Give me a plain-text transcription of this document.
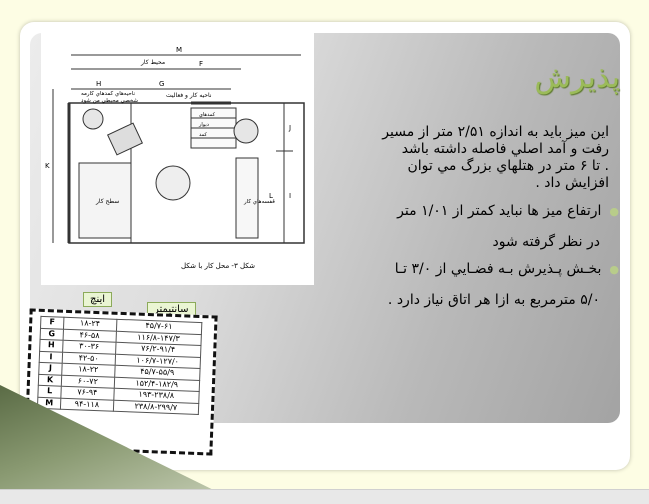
پذيرش
اين ميز بايد به اندازه ۲/۵۱ متر از مسير
رفت و آمد اصلي فاصله داشته باشد
. تا ۶ متر در هتلهاي بزرگ مي توان
افزايش داد .
●ارتفاع ميز ها نبايد كمتر از ۱/۰۱ متر
در نظر گرفته شود
●بخـش پـذيرش بـه فضـايي از ۳/۰ تـا
۵/۰ مترمربع به ازا هر اتاق نياز دارد .
M
F
H	G
I
J
K
L
محيط كار
ناحيه كار و فعاليت
ناحيه‌هاي كمدهاي كارمه
شخصي محيطي من شود
سطح كار	قفسه‌هاي كار
كمدهاي
ديوار
كمد
شكل ۳- محل كار با شكل
اينچ
سانتيمتر
F	۱۸-۲۴	۴۵/۷-۶۱
G	۴۶-۵۸	۱۱۶/۸-۱۴۷/۳
H	۳۰-۳۶	۷۶/۲-۹۱/۴
I	۴۲-۵۰	۱۰۶/۷-۱۲۷/۰
J	۱۸-۲۲	۴۵/۷-۵۵/۹
K	۶۰-۷۲	۱۵۲/۴-۱۸۲/۹
L	۷۶-۹۴	۱۹۳-۲۳۸/۸
M	۹۴-۱۱۸	۲۳۸/۸-۲۹۹/۷
